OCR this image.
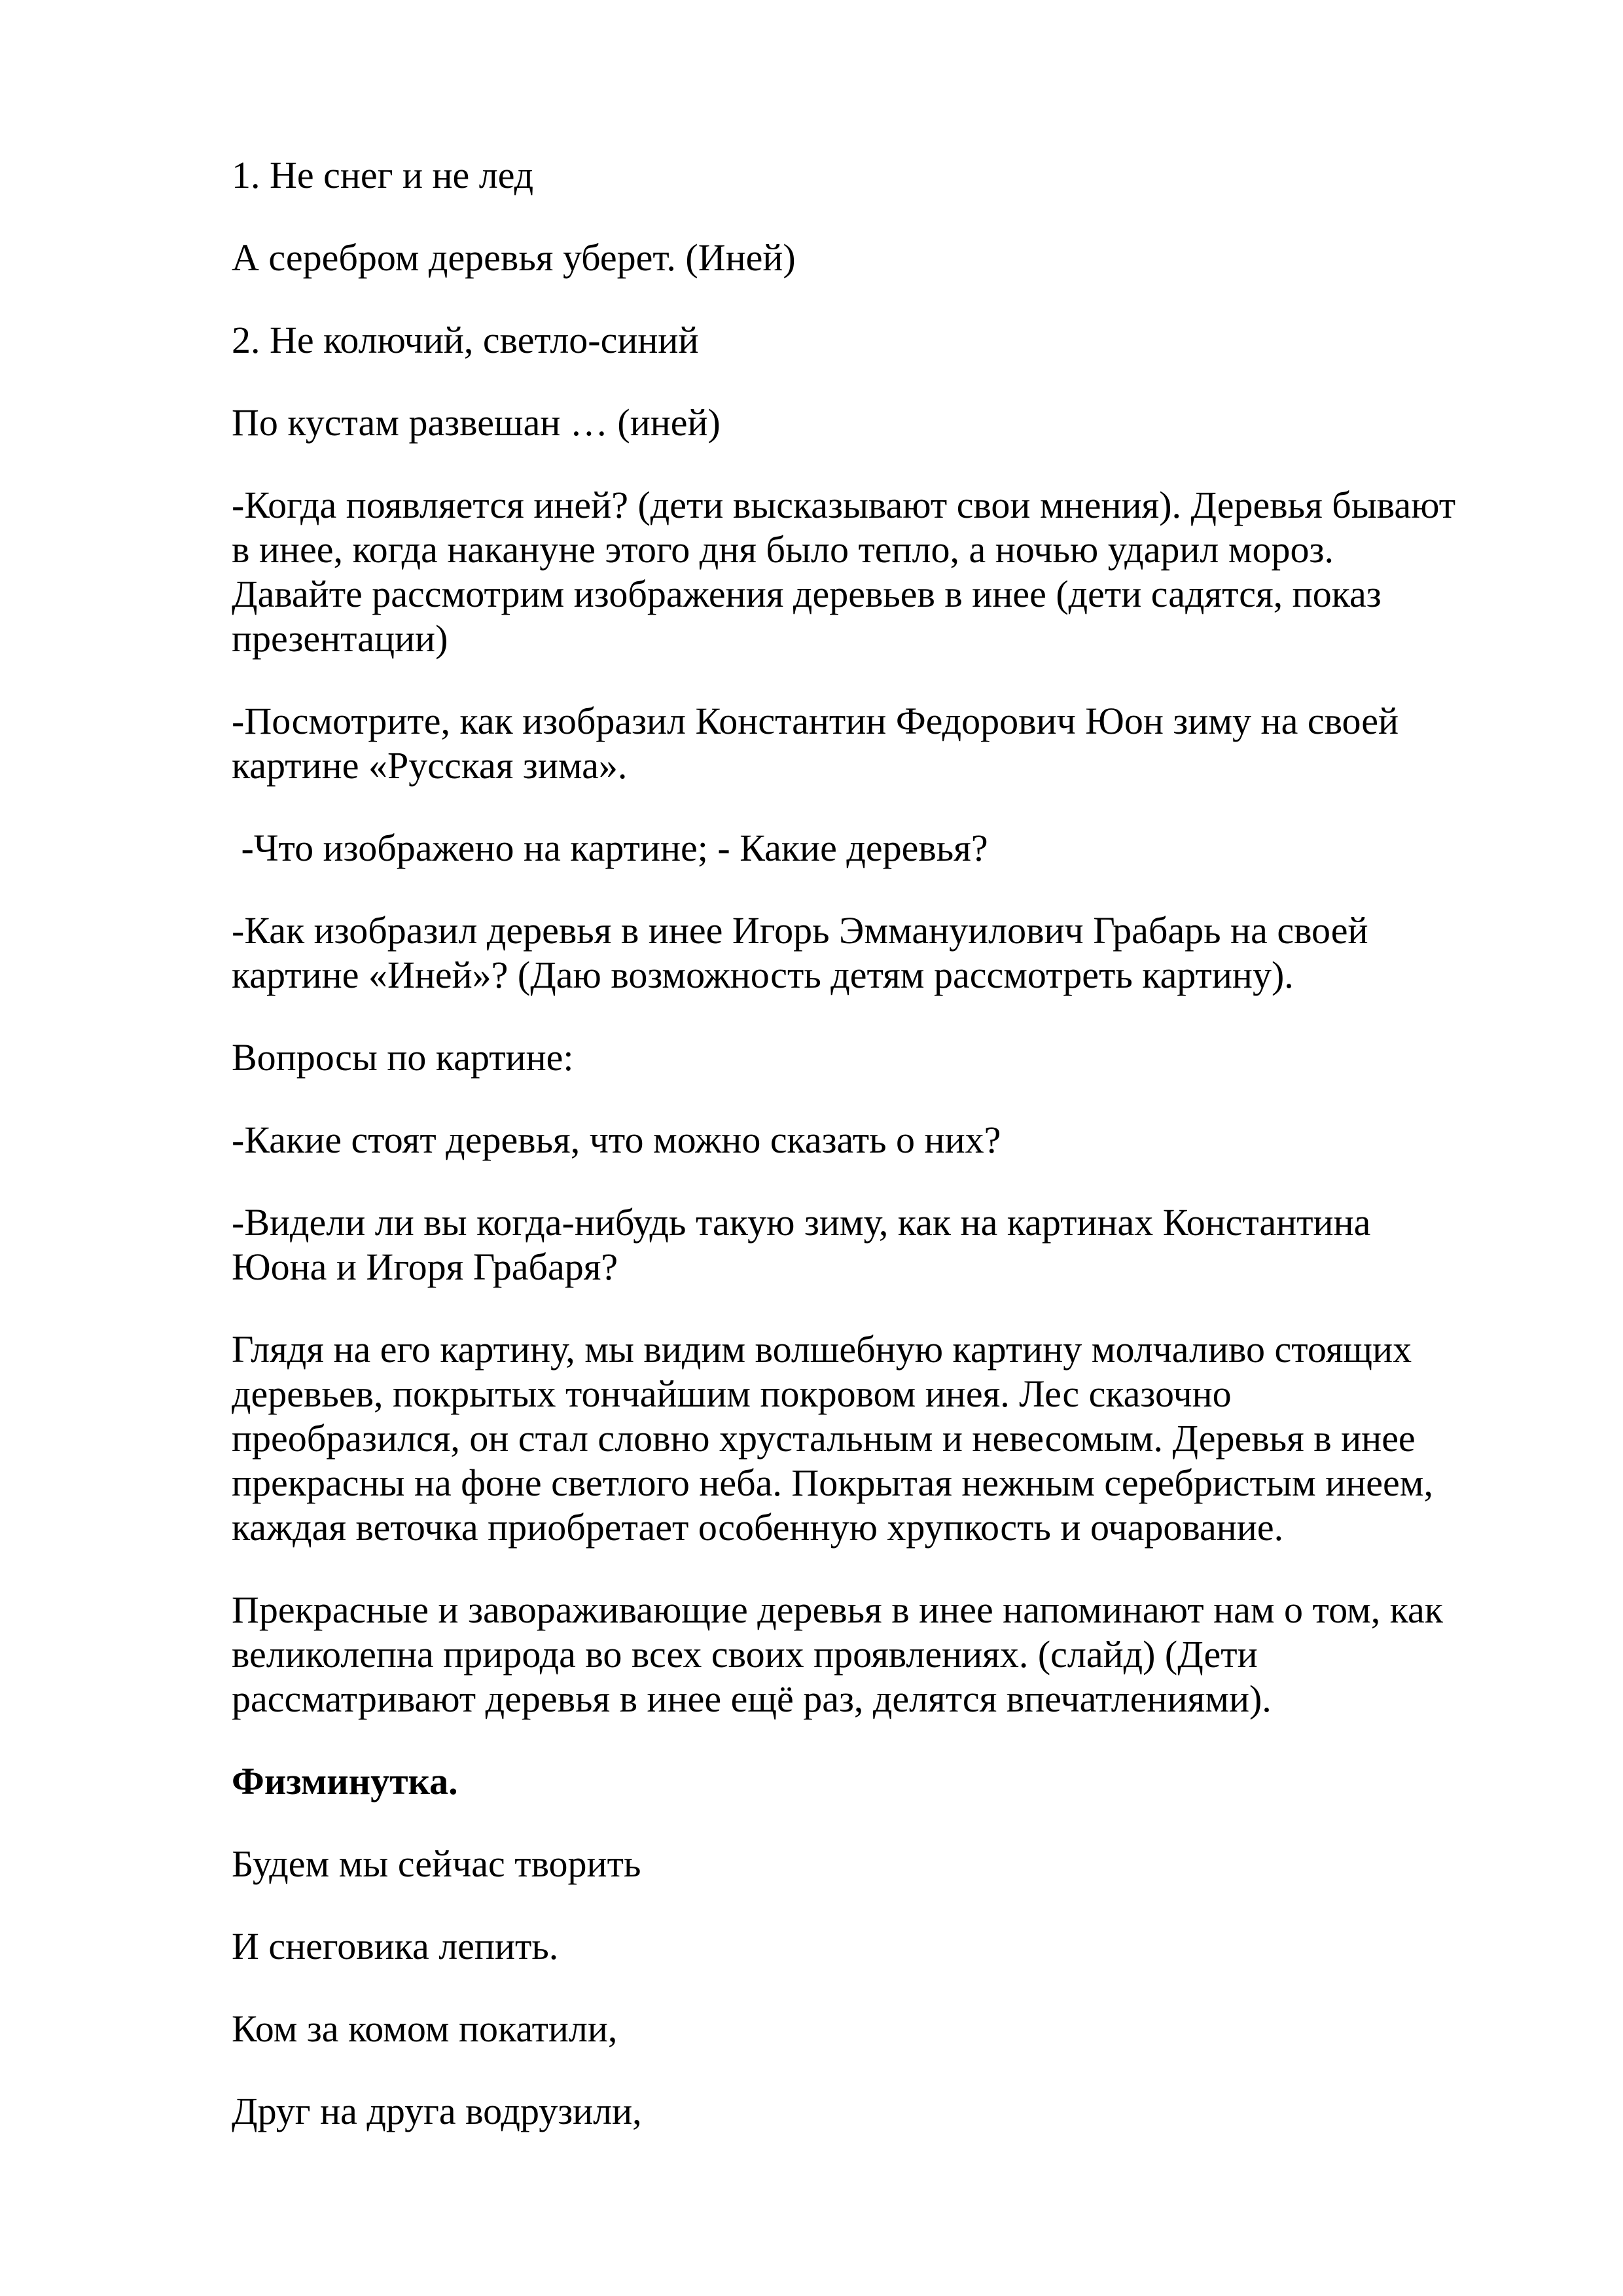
1. Не снег и не лед

А серебром деревья уберет. (Иней)

2. Не колючий, светло-синий

По кустам развешан … (иней)

-Когда появляется иней? (дети высказывают свои мнения). Деревья бывают в инее, когда накануне этого дня было тепло, а ночью ударил мороз. Давайте рассмотрим изображения деревьев в инее (дети садятся, показ презентации)

-Посмотрите, как изобразил Константин Федорович Юон зиму на своей картине «Русская зима».

-Что изображено на картине; - Какие деревья?

-Как изобразил деревья в инее Игорь Эммануилович Грабарь на своей картине «Иней»? (Даю возможность детям рассмотреть картину).

Вопросы по картине:

-Какие стоят деревья, что можно сказать о них?

-Видели ли вы когда-нибудь такую зиму, как на картинах Константина Юона и Игоря Грабаря?

Глядя на его картину, мы видим волшебную картину молчаливо стоящих деревьев, покрытых тончайшим покровом инея. Лес сказочно преобразился, он стал словно хрустальным и невесомым. Деревья в инее прекрасны на фоне светлого неба. Покрытая нежным серебристым инеем, каждая веточка приобретает особенную хрупкость и очарование.

Прекрасные и завораживающие деревья в инее напоминают нам о том, как великолепна природа во всех своих проявлениях. (слайд) (Дети рассматривают деревья в инее ещё раз, делятся впечатлениями).

Физминутка.

Будем мы сейчас творить

И снеговика лепить.

Ком за комом покатили,

Друг на друга водрузили,
